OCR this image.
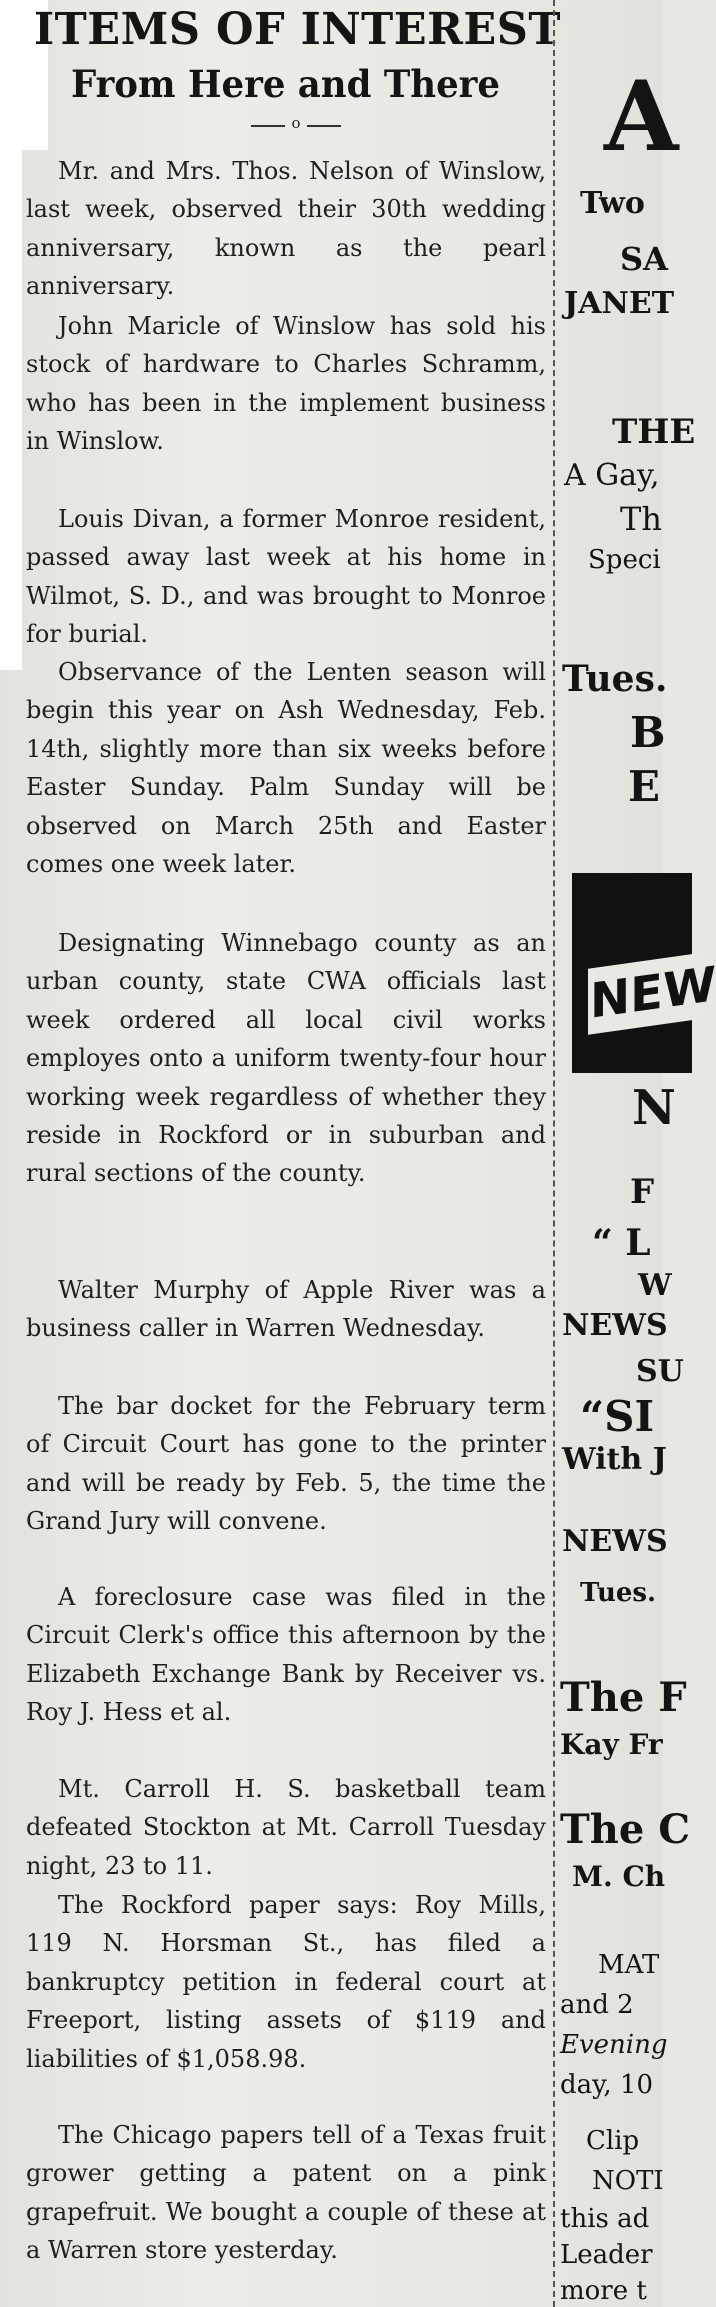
ITEMS OF INTEREST
From Here and There
o

Mr. and Mrs. Thos. Nelson of Winslow, last week, observed their 30th wedding anniversary, known as the pearl anniversary.

John Maricle of Winslow has sold his stock of hardware to Charles Schramm, who has been in the implement business in Winslow.

Louis Divan, a former Monroe resident, passed away last week at his home in Wilmot, S. D., and was brought to Monroe for burial.

Observance of the Lenten season will begin this year on Ash Wednesday, Feb. 14th, slightly more than six weeks before Easter Sunday. Palm Sunday will be observed on March 25th and Easter comes one week later.

Designating Winnebago county as an urban county, state CWA officials last week ordered all local civil works employes onto a uniform twenty-four hour working week regardless of whether they reside in Rockford or in suburban and rural sections of the county.

Walter Murphy of Apple River was a business caller in Warren Wednesday.

The bar docket for the February term of Circuit Court has gone to the printer and will be ready by Feb. 5, the time the Grand Jury will convene.

A foreclosure case was filed in the Circuit Clerk's office this afternoon by the Elizabeth Exchange Bank by Receiver vs. Roy J. Hess et al.

Mt. Carroll H. S. basketball team defeated Stockton at Mt. Carroll Tuesday night, 23 to 11.

The Rockford paper says: Roy Mills, 119 N. Horsman St., has filed a bankruptcy petition in federal court at Freeport, listing assets of $119 and liabilities of $1,058.98.

The Chicago papers tell of a Texas fruit grower getting a patent on a pink grapefruit. We bought a couple of these at a Warren store yesterday.

A
Two
SA
JANET
THE
A Gay,
Th
Speci
Tues.
B
E
NEW
N
F
“ L
W
NEWS
SU
“SI
With J
NEWS
Tues.
The F
Kay Fr
The C
M. Ch
MAT
and 2
Evening
day, 10
Clip
NOTI
this ad
Leader
more t
